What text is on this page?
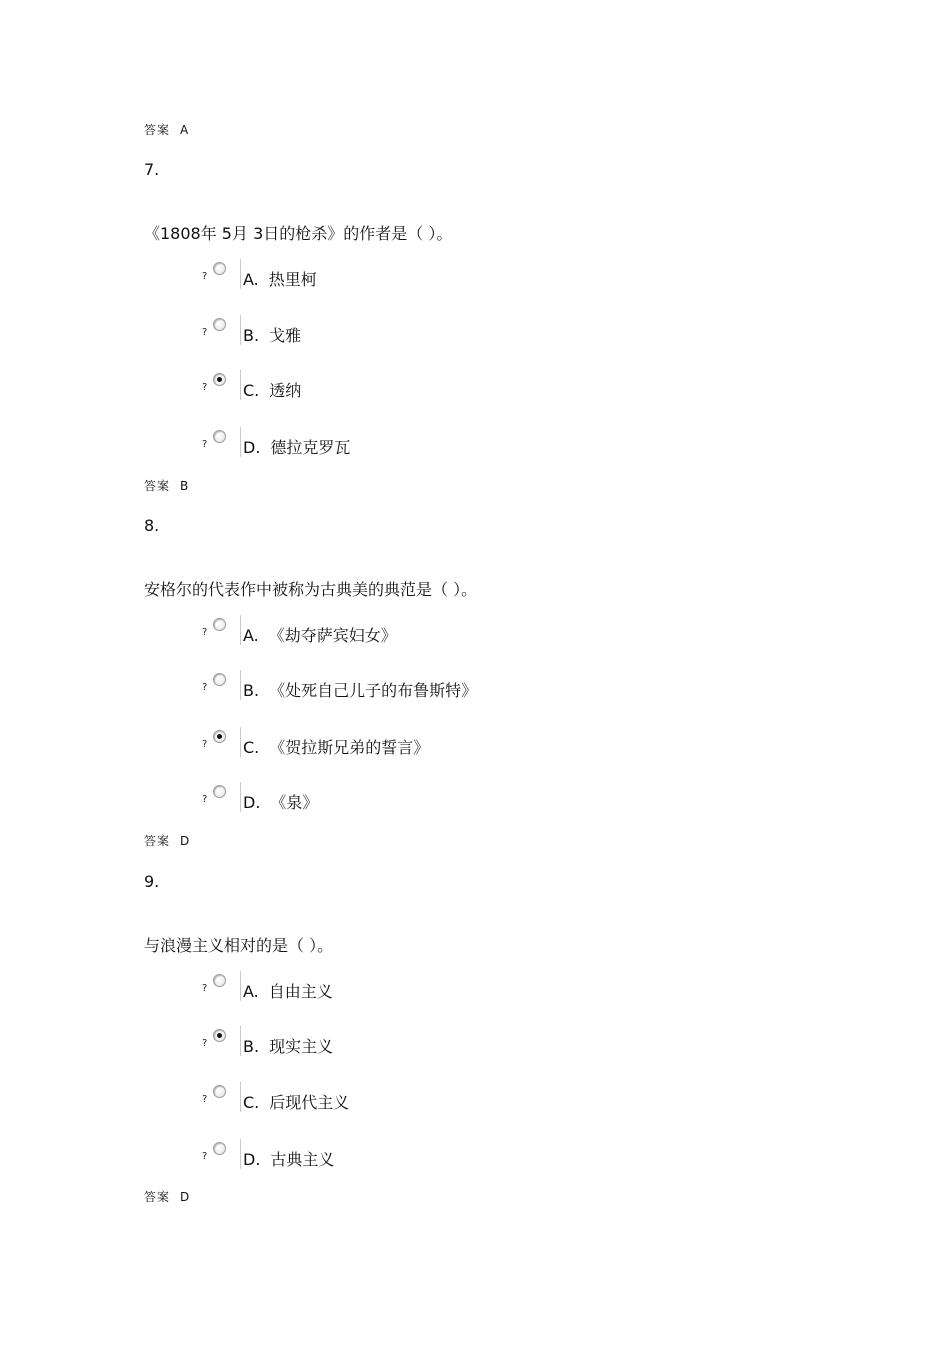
答案 A
7.
《1808年 5月 3日的枪杀》的作者是（ ）。
? A. 热里柯
? B. 戈雅
? C. 透纳
? D. 德拉克罗瓦
答案 B
8.
安格尔的代表作中被称为古典美的典范是（ ）。
? A. 《劫夺萨宾妇女》
? B. 《处死自己儿子的布鲁斯特》
? C. 《贺拉斯兄弟的誓言》
? D. 《泉》
答案 D
9.
与浪漫主义相对的是（ ）。
? A. 自由主义
? B. 现实主义
? C. 后现代主义
? D. 古典主义
答案 D
